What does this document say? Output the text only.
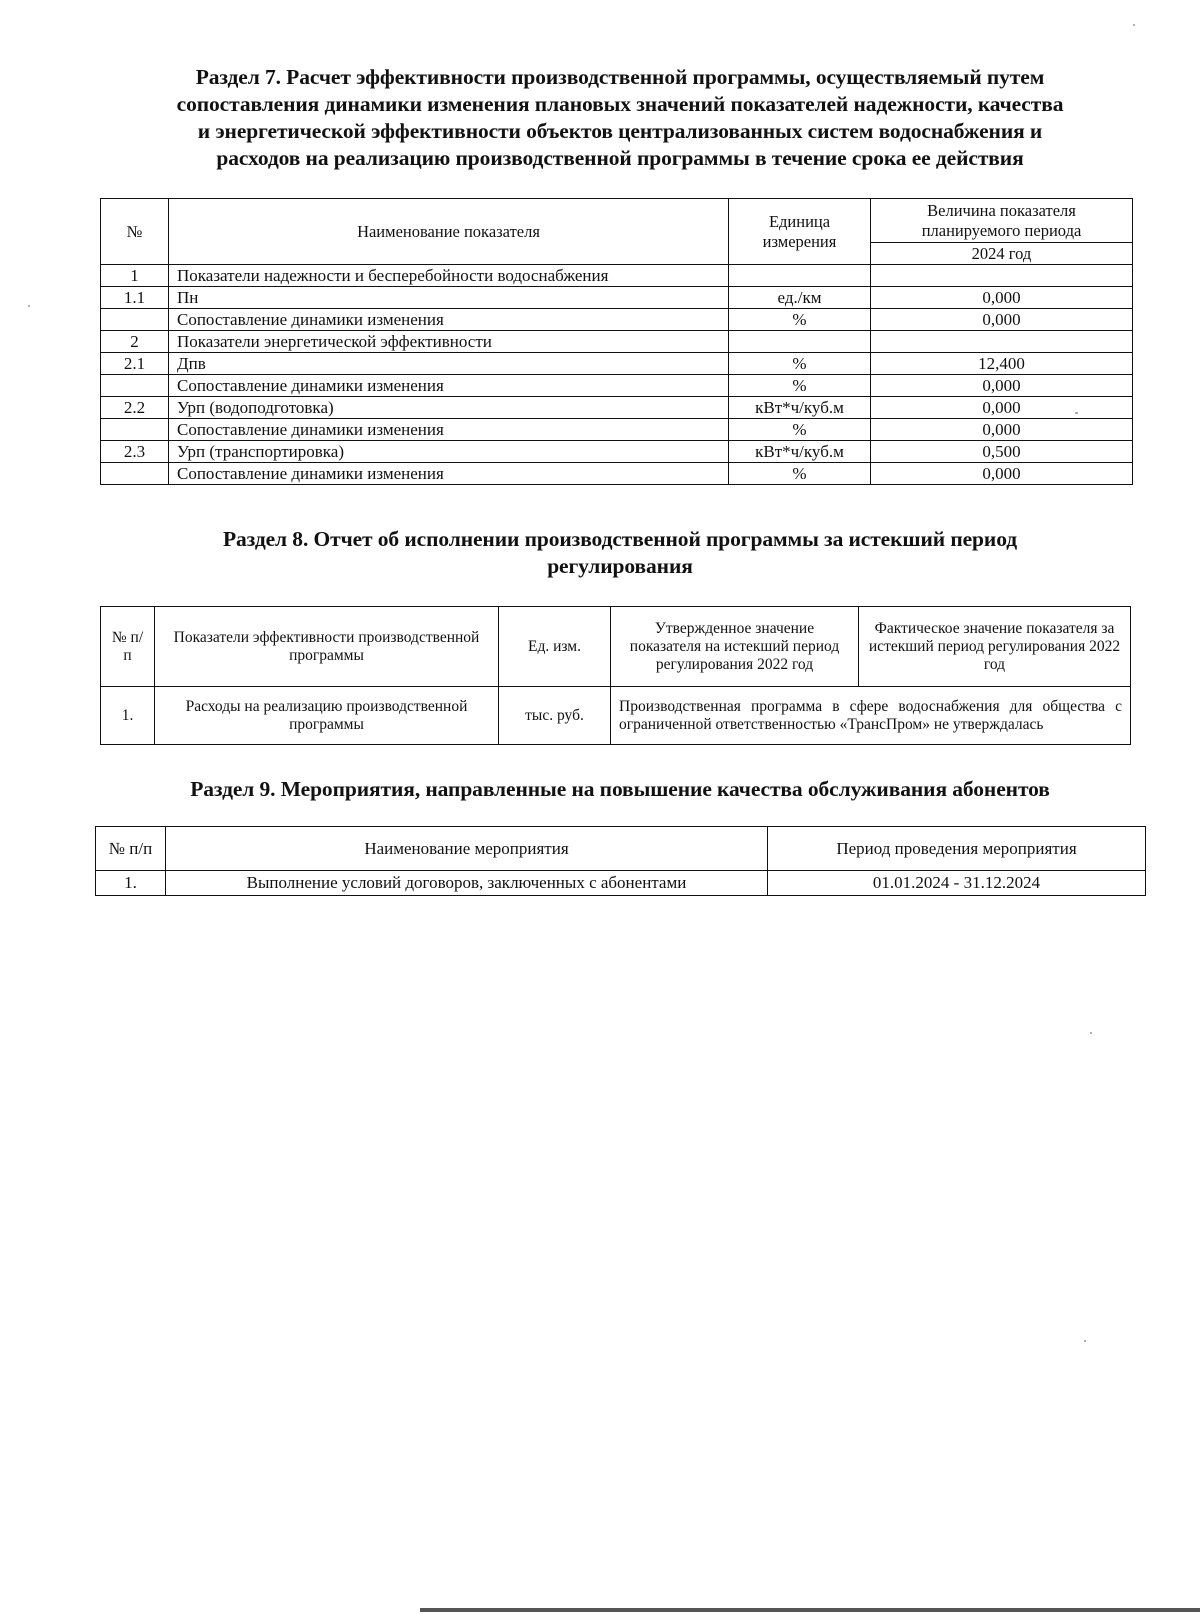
Раздел 7. Расчет эффективности производственной программы, осуществляемый путем
сопоставления динамики изменения плановых значений показателей надежности, качества
и энергетической эффективности объектов централизованных систем водоснабжения и
расходов на реализацию производственной программы в течение срока ее действия
№	Наименование показателя	Единица измерения	Величина показателя планируемого периода
			2024 год
1	Показатели надежности и бесперебойности водоснабжения		
1.1	Пн	ед./км	0,000
	Сопоставление динамики изменения	%	0,000
2	Показатели энергетической эффективности		
2.1	Дпв	%	12,400
	Сопоставление динамики изменения	%	0,000
2.2	Урп (водоподготовка)	кВт*ч/куб.м	0,000
	Сопоставление динамики изменения	%	0,000
2.3	Урп (транспортировка)	кВт*ч/куб.м	0,500
	Сопоставление динамики изменения	%	0,000
Раздел 8. Отчет об исполнении производственной программы за истекший период
регулирования
№ п/п	Показатели эффективности производственной программы	Ед. изм.	Утвержденное значение показателя на истекший период регулирования 2022 год	Фактическое значение показателя за истекший период регулирования 2022 год
1.	Расходы на реализацию производственной программы	тыс. руб.	Производственная программа в сфере водоснабжения для общества с ограниченной ответственностью «ТрансПром» не утверждалась	
Раздел 9. Мероприятия, направленные на повышение качества обслуживания абонентов
№ п/п	Наименование мероприятия	Период проведения мероприятия
1.	Выполнение условий договоров, заключенных с абонентами	01.01.2024 - 31.12.2024
